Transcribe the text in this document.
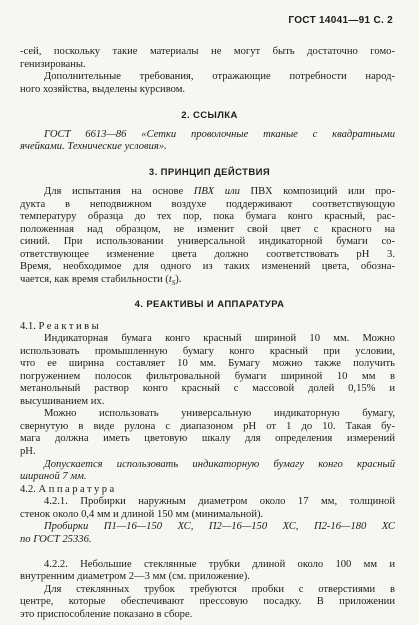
ГОСТ 14041—91 С. 2
-сей, поскольку такие материалы не могут быть достаточно гомо-
генизированы.
Дополнительные требования, отражающие потребности народ-
ного хозяйства, выделены курсивом.
2. ССЫЛКА
ГОСТ 6613—86 «Сетки проволочные тканые с квадратными
ячейками. Технические условия».
3. ПРИНЦИП ДЕЙСТВИЯ
Для испытания на основе ПВХ или ПВХ композиций или про-
дукта в неподвижном воздухе поддерживают соответствующую
температуру образца до тех пор, пока бумага конго красный, рас-
положенная над образцом, не изменит свой цвет с красного на
синий. При использовании универсальной индикаторной бумаги со-
ответствующее изменение цвета должно соответствовать pH 3.
Время, необходимое для одного из таких изменений цвета, обозна-
чается, как время стабильности $(t_S)$.
4. РЕАКТИВЫ И АППАРАТУРА
4.1. Реактивы
Индикаторная бумага конго красный шириной 10 мм. Можно
использовать промышленную бумагу конго красный при условии,
что ее ширина составляет 10 мм. Бумагу можно также получить
погружением полосок фильтровальной бумаги шириной 10 мм в
метанольный раствор конго красный с массовой долей 0,15% и
высушиванием их.
Можно использовать универсальную индикаторную бумагу,
свернутую в виде рулона с диапазоном pH от 1 до 10. Такая бу-
мага должна иметь цветовую шкалу для определения измерений
pH.
Допускается использовать индикаторную бумагу конго красный
шириной 7 мм.
4.2. Аппаратура
4.2.1. Пробирки наружным диаметром около 17 мм, толщиной
стенок около 0,4 мм и длиной 150 мм (минимальной).
Пробирки П1—16—150 ХС, П2—16—150 ХС, П2-16—180 ХС
по ГОСТ 25336.
4.2.2. Небольшие стеклянные трубки длиной около 100 мм и
внутренним диаметром 2—3 мм (см. приложение).
Для стеклянных трубок требуются пробки с отверстиями в
центре, которые обеспечивают прессовую посадку. В приложении
это приспособление показано в сборе.
